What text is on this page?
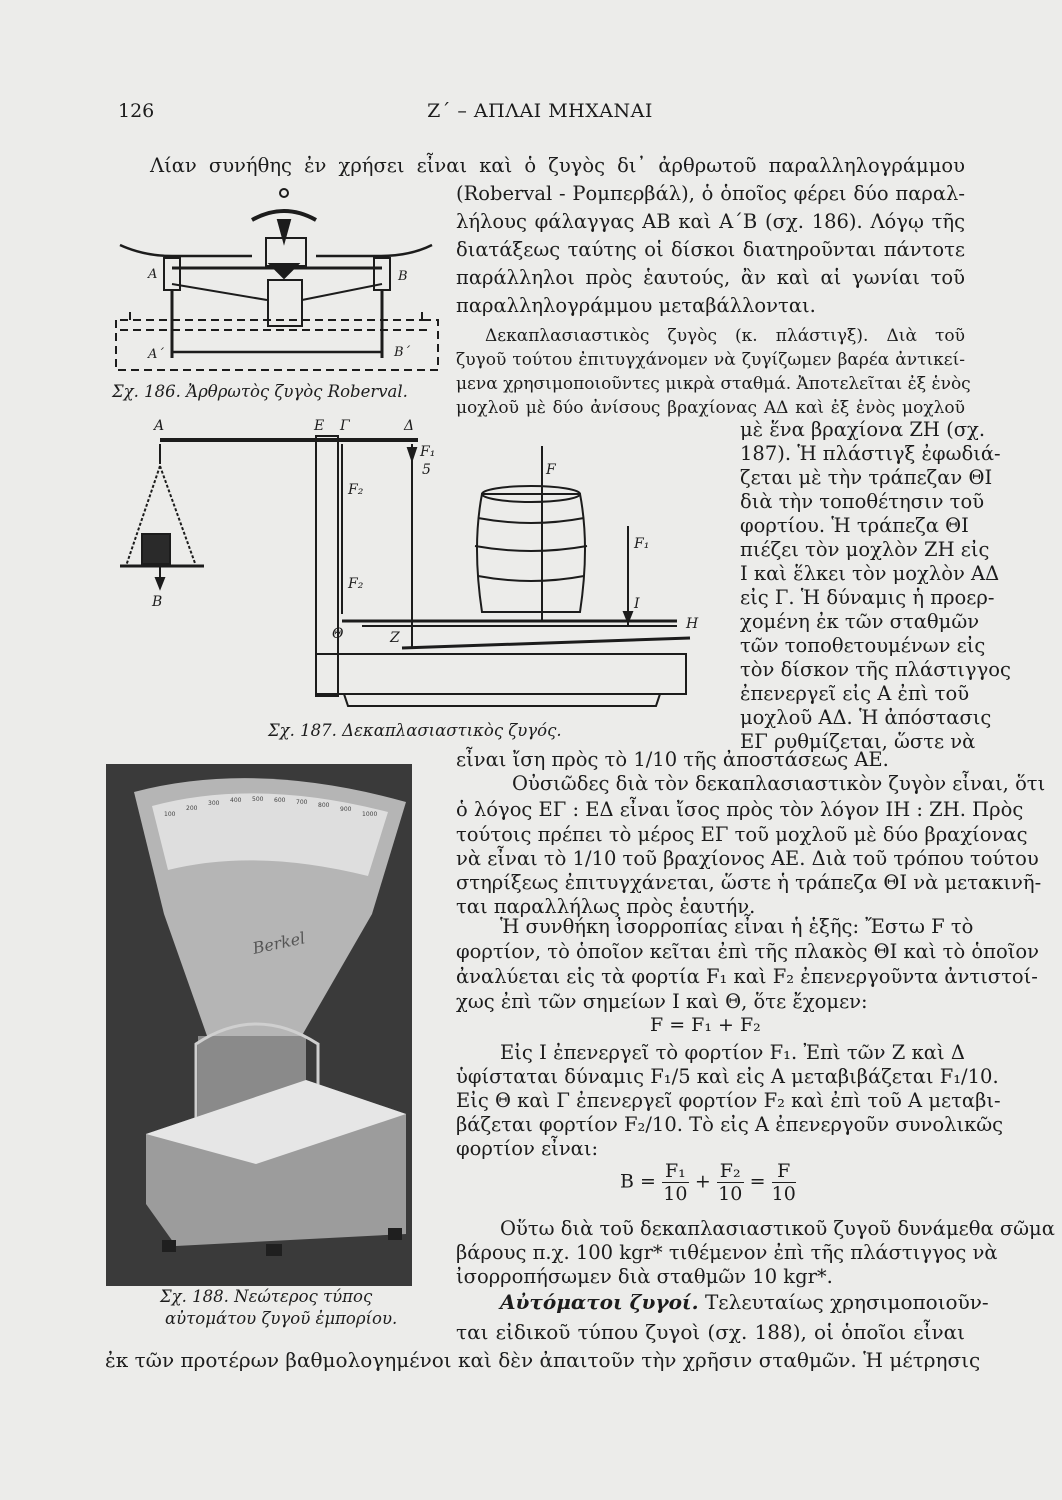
126	Ζ΄ – ΑΠΛΑΙ ΜΗΧΑΝΑΙ
Λίαν συνήθης ἐν χρήσει εἶναι καὶ ὁ ζυγὸς δι᾽ ἀρθρωτοῦ παραλληλογράμμου
(Roberval - Ρομπερβάλ), ὁ ὁποῖος φέρει δύο παραλ-
λήλους φάλαγγας ΑΒ καὶ Α΄Β (σχ. 186). Λόγῳ τῆς
διατάξεως ταύτης οἱ δίσκοι διατηροῦνται πάντοτε
παράλληλοι πρὸς ἑαυτούς, ἂν καὶ αἱ γωνίαι τοῦ
παραλληλογράμμου μεταβάλλονται.
Δεκαπλασιαστικὸς ζυγὸς (κ. πλάστιγξ). Διὰ τοῦ
ζυγοῦ τούτου ἐπιτυγχάνομεν νὰ ζυγίζωμεν βαρέα ἀντικεί-
μενα χρησιμοποιοῦντες μικρὰ σταθμά. Ἀποτελεῖται ἐξ ἑνὸς
μοχλοῦ μὲ δύο ἀνίσους βραχίονας ΑΔ καὶ ἐξ ἑνὸς μοχλοῦ
μὲ ἕνα βραχίονα ΖΗ (σχ.
187). Ἡ πλάστιγξ ἐφωδιά-
ζεται μὲ τὴν τράπεζαν ΘΙ
διὰ τὴν τοποθέτησιν τοῦ
φορτίου. Ἡ τράπεζα ΘΙ
πιέζει τὸν μοχλὸν ΖΗ εἰς
Ι καὶ ἕλκει τὸν μοχλὸν ΑΔ
εἰς Γ. Ἡ δύναμις ἡ προερ-
χομένη ἐκ τῶν σταθμῶν
τῶν τοποθετουμένων εἰς
τὸν δίσκον τῆς πλάστιγγος
ἐπενεργεῖ εἰς Α ἐπὶ τοῦ
μοχλοῦ ΑΔ. Ἡ ἀπόστασις
ΕΓ ρυθμίζεται, ὥστε νὰ
εἶναι ἴση πρὸς τὸ 1/10 τῆς ἀποστάσεως ΑΕ.
Οὐσιῶδες διὰ τὸν δεκαπλασιαστικὸν ζυγὸν εἶναι, ὅτι
ὁ λόγος ΕΓ : ΕΔ εἶναι ἴσος πρὸς τὸν λόγον ΙΗ : ΖΗ. Πρὸς
τούτοις πρέπει τὸ μέρος ΕΓ τοῦ μοχλοῦ μὲ δύο βραχίονας
νὰ εἶναι τὸ 1/10 τοῦ βραχίονος ΑΕ. Διὰ τοῦ τρόπου τούτου
στηρίξεως ἐπιτυγχάνεται, ὥστε ἡ τράπεζα ΘΙ νὰ μετακινῆ-
ται παραλλήλως πρὸς ἑαυτήν.
Ἡ συνθήκη ἰσορροπίας εἶναι ἡ ἑξῆς: Ἔστω F τὸ
φορτίον, τὸ ὁποῖον κεῖται ἐπὶ τῆς πλακὸς ΘΙ καὶ τὸ ὁποῖον
ἀναλύεται εἰς τὰ φορτία F₁ καὶ F₂ ἐπενεργοῦντα ἀντιστοί-
χως ἐπὶ τῶν σημείων Ι καὶ Θ, ὅτε ἔχομεν:
F = F₁ + F₂
Εἰς Ι ἐπενεργεῖ τὸ φορτίον F₁. Ἐπὶ τῶν Ζ καὶ Δ
ὑφίσταται δύναμις F₁/5 καὶ εἰς Α μεταβιβάζεται F₁/10.
Εἰς Θ καὶ Γ ἐπενεργεῖ φορτίον F₂ καὶ ἐπὶ τοῦ Α μεταβι-
βάζεται φορτίον F₂/10. Τὸ εἰς Α ἐπενεργοῦν συνολικῶς
φορτίον εἶναι:
$B = \frac{\text{F₁}}{10} + \frac{\text{F₂}}{10} = \frac{F}{10}$
Οὕτω διὰ τοῦ δεκαπλασιαστικοῦ ζυγοῦ δυνάμεθα σῶμα
βάρους π.χ. 100 kgr* τιθέμενον ἐπὶ τῆς πλάστιγγος νὰ
ἰσορροπήσωμεν διὰ σταθμῶν 10 kgr*.
Αὐτόματοι ζυγοί. Τελευταίως χρησιμοποιοῦν-
ται εἰδικοῦ τύπου ζυγοὶ (σχ. 188), οἱ ὁποῖοι εἶναι
ἐκ τῶν προτέρων βαθμολογημένοι καὶ δὲν ἀπαιτοῦν τὴν χρῆσιν σταθμῶν. Ἡ μέτρησις
A	B
A΄	B΄
Σχ. 186. Ἀρθρωτὸς ζυγὸς Roberval.
A	E Γ	Δ
F₁
5
F₂
F₂
B
F
F₁
I
H
Θ	Z
Σχ. 187. Δεκαπλασιαστικὸς ζυγός.
100
200
300 400 500 600 700 800
900
1000
Berkel
Σχ. 188. Νεώτερος τύπος
αὐτομάτου ζυγοῦ ἐμπορίου.
